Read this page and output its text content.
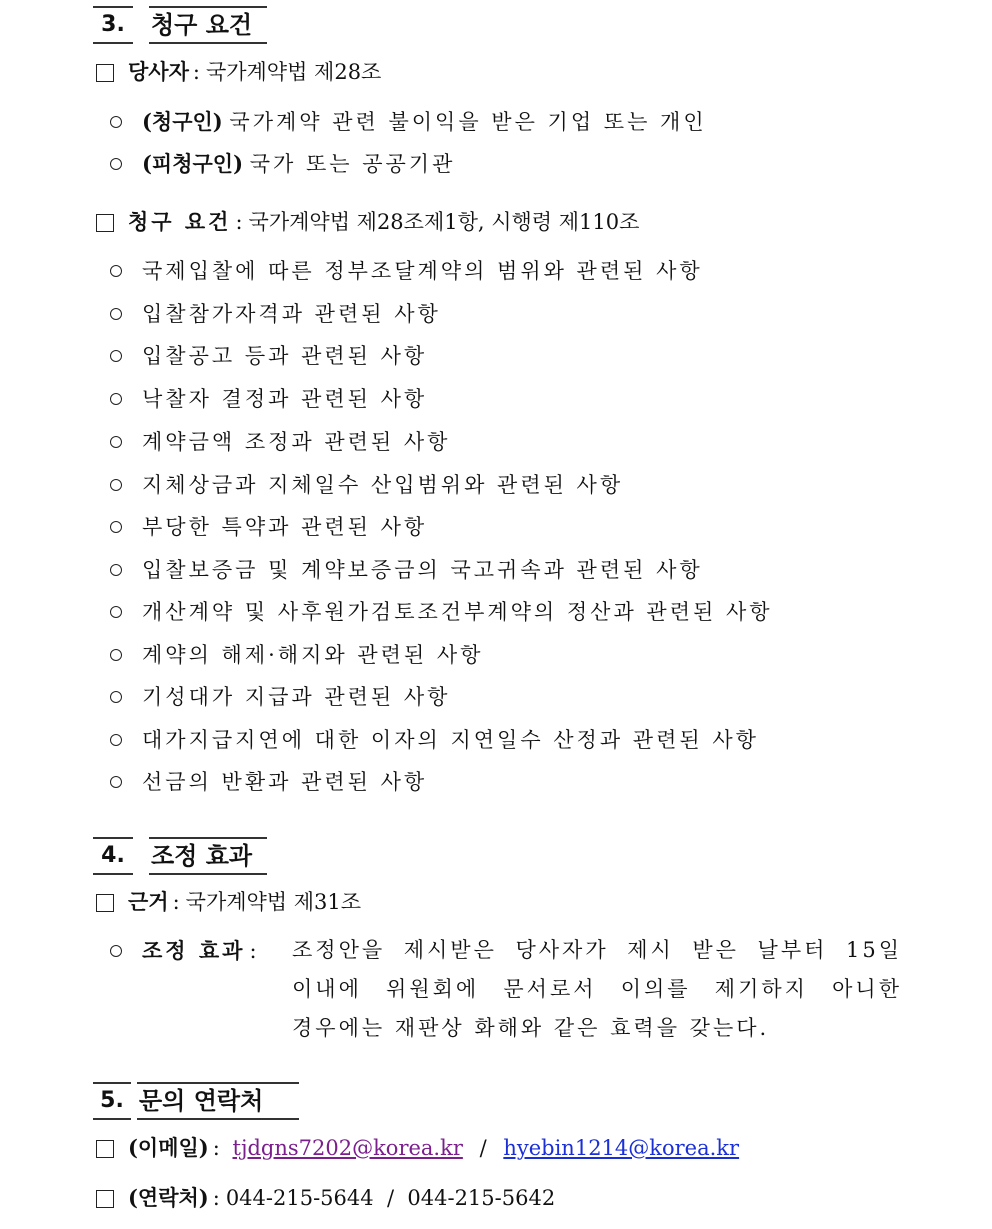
3.	청구 요건
당사자 : 국가계약법 제28조
(청구인) 국가계약 관련 불이익을 받은 기업 또는 개인
(피청구인) 국가 또는 공공기관
청구 요건 : 국가계약법 제28조제1항, 시행령 제110조
국제입찰에 따른 정부조달계약의 범위와 관련된 사항
입찰참가자격과 관련된 사항
입찰공고 등과 관련된 사항
낙찰자 결정과 관련된 사항
계약금액 조정과 관련된 사항
지체상금과 지체일수 산입범위와 관련된 사항
부당한 특약과 관련된 사항
입찰보증금 및 계약보증금의 국고귀속과 관련된 사항
개산계약 및 사후원가검토조건부계약의 정산과 관련된 사항
계약의 해제·해지와 관련된 사항
기성대가 지급과 관련된 사항
대가지급지연에 대한 이자의 지연일수 산정과 관련된 사항
선금의 반환과 관련된 사항
4.	조정 효과
근거 : 국가계약법 제31조
조정 효과 : 조정안을 제시받은 당사자가 제시 받은 날부터 15일
이내에 위원회에 문서로서 이의를 제기하지 아니한
경우에는 재판상 화해와 같은 효력을 갖는다.
5. 문의 연락처
(이메일) : tjdgns7202@korea.kr / hyebin1214@korea.kr
(연락처) : 044-215-5644  /  044-215-5642
